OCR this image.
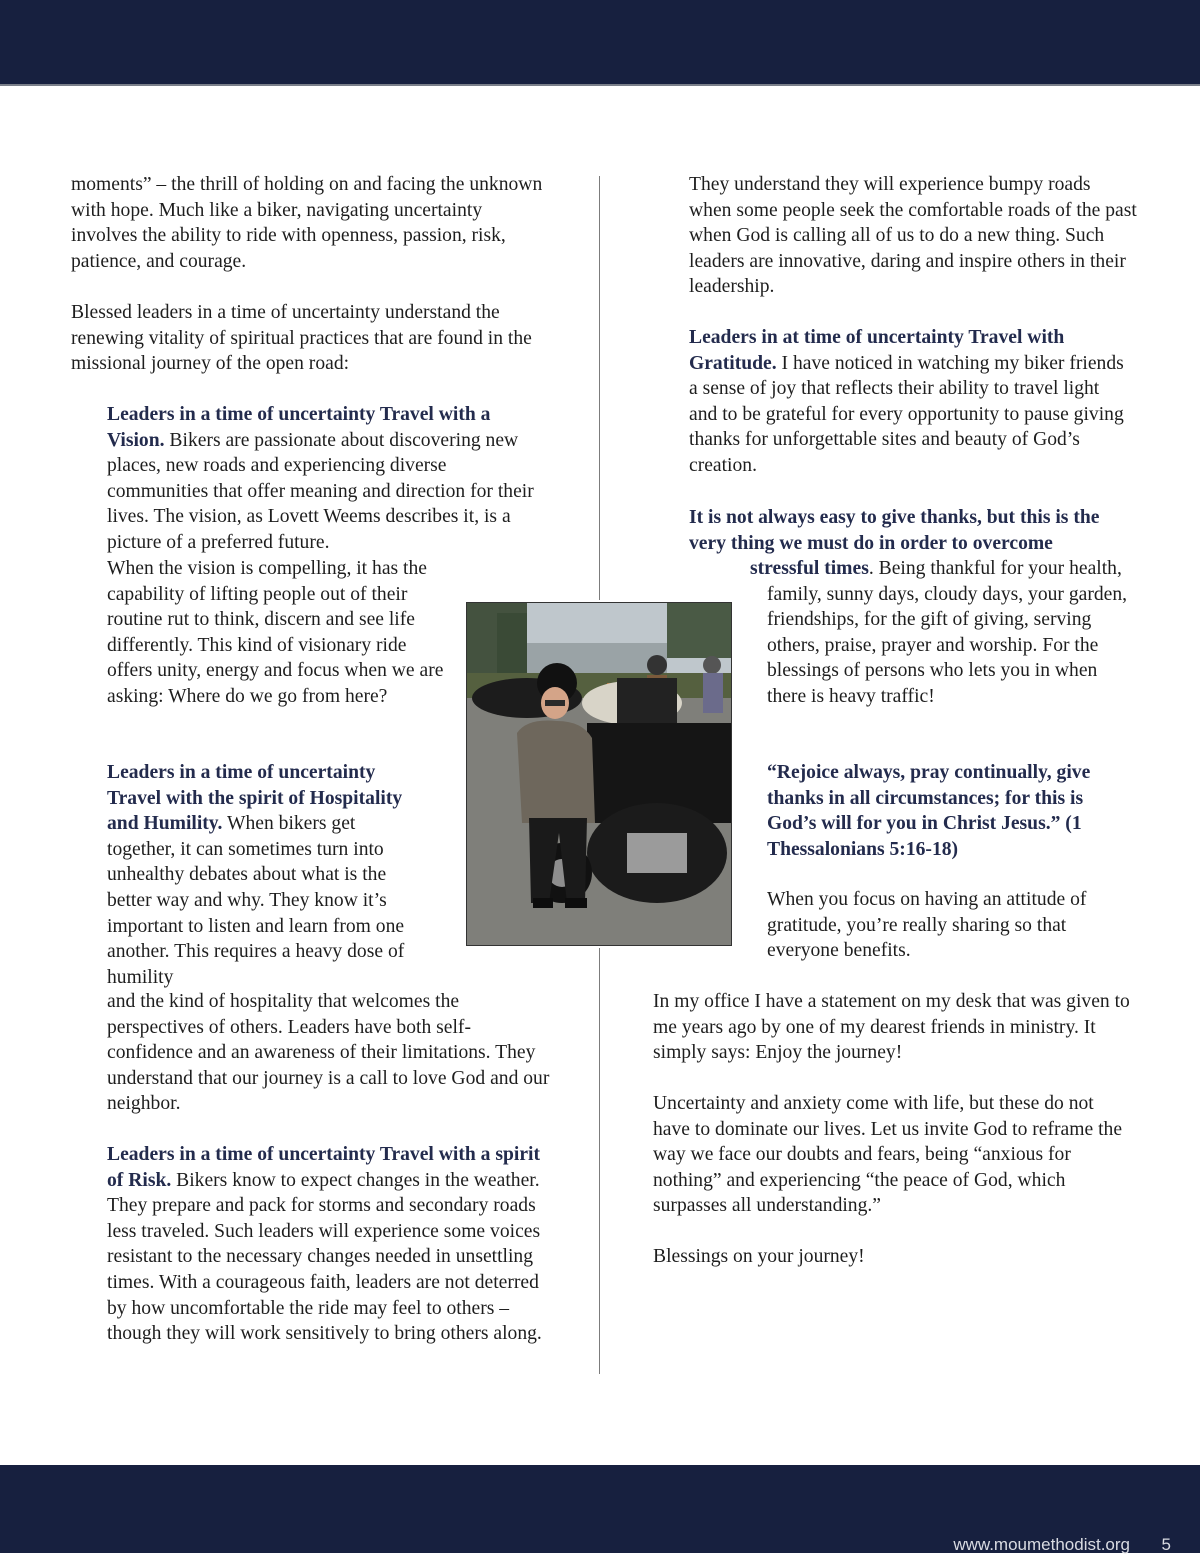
moments” – the thrill of holding on and facing the unknown with hope. Much like a biker, navigating uncertainty involves the ability to ride with openness, passion, risk, patience, and courage.

Blessed leaders in a time of uncertainty understand the renewing vitality of spiritual practices that are found in the missional journey of the open road:

Leaders in a time of uncertainty Travel with a Vision. Bikers are passionate about discovering new places, new roads and experiencing diverse communities that offer meaning and direction for their lives. The vision, as Lovett Weems describes it, is a picture of a preferred future.

When the vision is compelling, it has the capability of lifting people out of their routine rut to think, discern and see life differently. This kind of visionary ride offers unity, energy and focus when we are asking: Where do we go from here?

Leaders in a time of uncertainty Travel with the spirit of Hospitality and Humility. When bikers get together, it can sometimes turn into unhealthy debates about what is the better way and why. They know it’s important to listen and learn from one another. This requires a heavy dose of humility

and the kind of hospitality that welcomes the perspectives of others. Leaders have both self-confidence and an awareness of their limitations. They understand that our journey is a call to love God and our neighbor.

Leaders in a time of uncertainty Travel with a spirit of Risk. Bikers know to expect changes in the weather. They prepare and pack for storms and secondary roads less traveled. Such leaders will experience some voices resistant to the necessary changes needed in unsettling times. With a courageous faith, leaders are not deterred by how uncomfortable the ride may feel to others – though they will work sensitively to bring others along.

They understand they will experience bumpy roads when some people seek the comfortable roads of the past when God is calling all of us to do a new thing. Such leaders are innovative, daring and inspire others in their leadership.

Leaders in at time of uncertainty Travel with Gratitude. I have noticed in watching my biker friends a sense of joy that reflects their ability to travel light and to be grateful for every opportunity to pause giving thanks for unforgettable sites and beauty of God’s creation.

It is not always easy to give thanks, but this is the very thing we must do in order to overcome

stressful times. Being thankful for your health, family, sunny days, cloudy days, your garden, friendships, for the gift of giving, serving others, praise, prayer and worship. For the blessings of persons who lets you in when there is heavy traffic!

“Rejoice always, pray continually, give thanks in all circumstances; for this is God’s will for you in Christ Jesus.” (1 Thessalonians 5:16-18)

When you focus on having an attitude of gratitude, you’re really sharing so that everyone benefits.

In my office I have a statement on my desk that was given to me years ago by one of my dearest friends in ministry. It simply says: Enjoy the journey!

Uncertainty and anxiety come with life, but these do not have to dominate our lives. Let us invite God to reframe the way we face our doubts and fears, being “anxious for nothing” and experiencing “the peace of God, which surpasses all understanding.”

Blessings on your journey!

www.moumethodist.org 5
